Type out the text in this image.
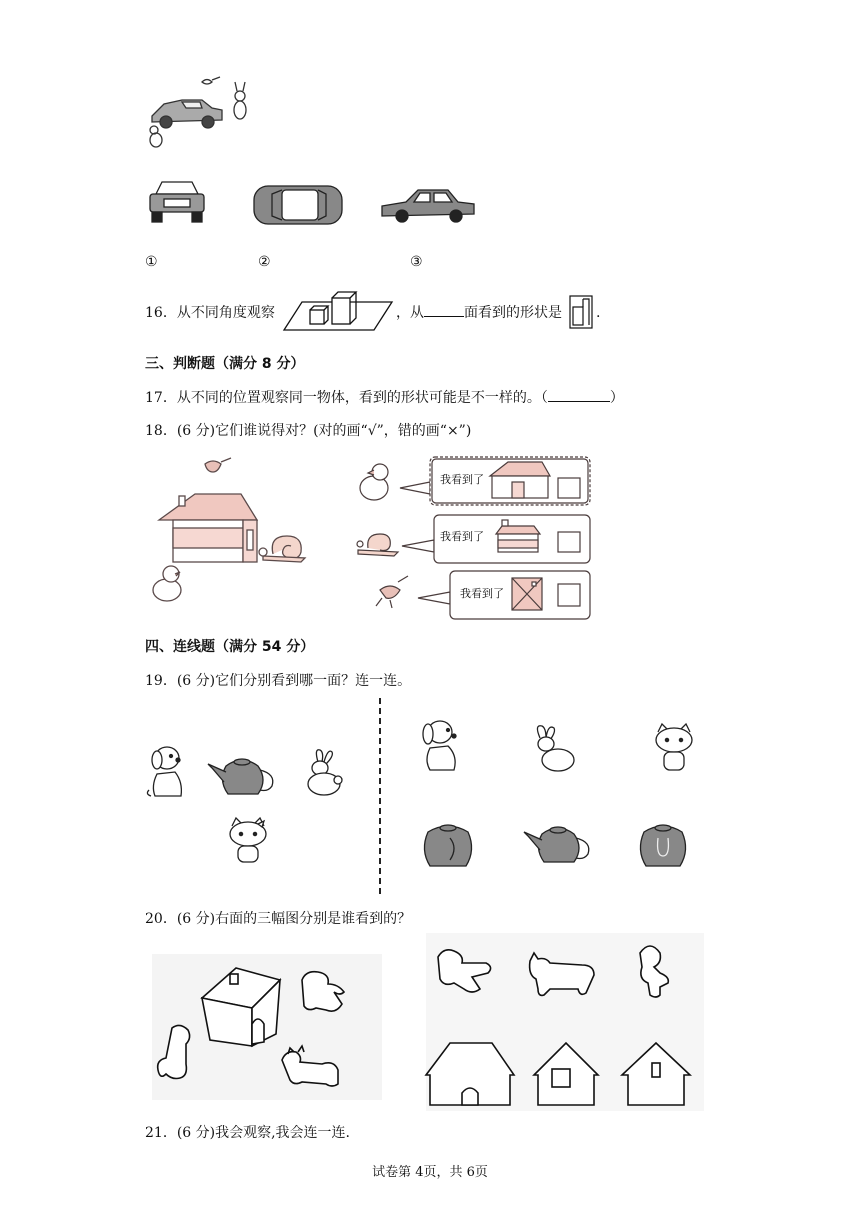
①	②	③
16．从不同角度观察	，从	面看到的形状是 .
三、判断题（满分 8 分）
17．从不同的位置观察同一物体，看到的形状可能是不一样的。（	）
18．(6 分)它们谁说得对？(对的画“√”，错的画“×”)
我看到了
我看到了
我看到了
四、连线题（满分 54 分）
19．(6 分)它们分别看到哪一面？连一连。
20．(6 分)右面的三幅图分别是谁看到的？
21．(6 分)我会观察,我会连一连.
试卷第 4页，共 6页
